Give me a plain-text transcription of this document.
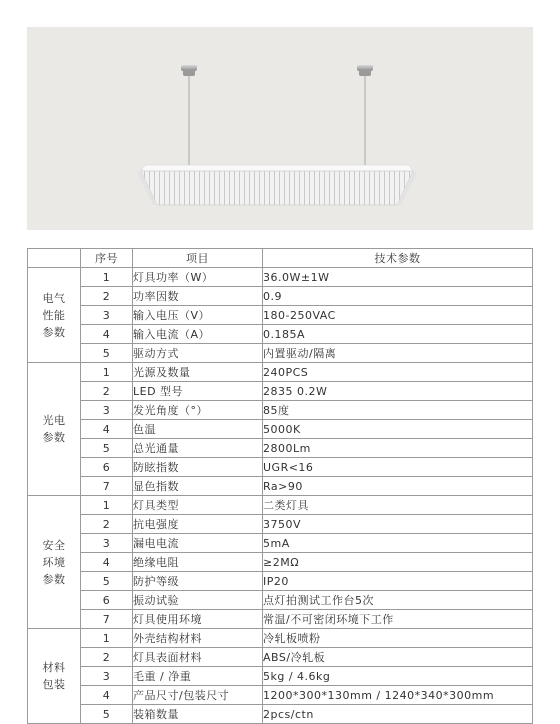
	序号	项目	技术参数

电气
性能
参数	1	灯具功率（W）	36.0W±1W
	2	功率因数	0.9
	3	输入电压（V）	180-250VAC
	4	输入电流（A）	0.185A
	5	驱动方式	内置驱动/隔离

光电
参数	1	光源及数量	240PCS
	2	LED 型号	2835 0.2W
	3	发光角度（°）	85度
	4	色温	5000K
	5	总光通量	2800Lm
	6	防眩指数	UGR<16
	7	显色指数	Ra>90

安全
环境
参数	1	灯具类型	二类灯具
	2	抗电强度	3750V
	3	漏电电流	5mA
	4	绝缘电阻	≥2MΩ
	5	防护等级	IP20
	6	振动试验	点灯拍测试工作台5次
	7	灯具使用环境	常温/不可密闭环境下工作

材料
包装	1	外壳结构材料	冷轧板喷粉
	2	灯具表面材料	ABS/冷轧板
	3	毛重 / 净重	5kg / 4.6kg
	4	产品尺寸/包装尺寸	1200*300*130mm / 1240*340*300mm
	5	装箱数量	2pcs/ctn
